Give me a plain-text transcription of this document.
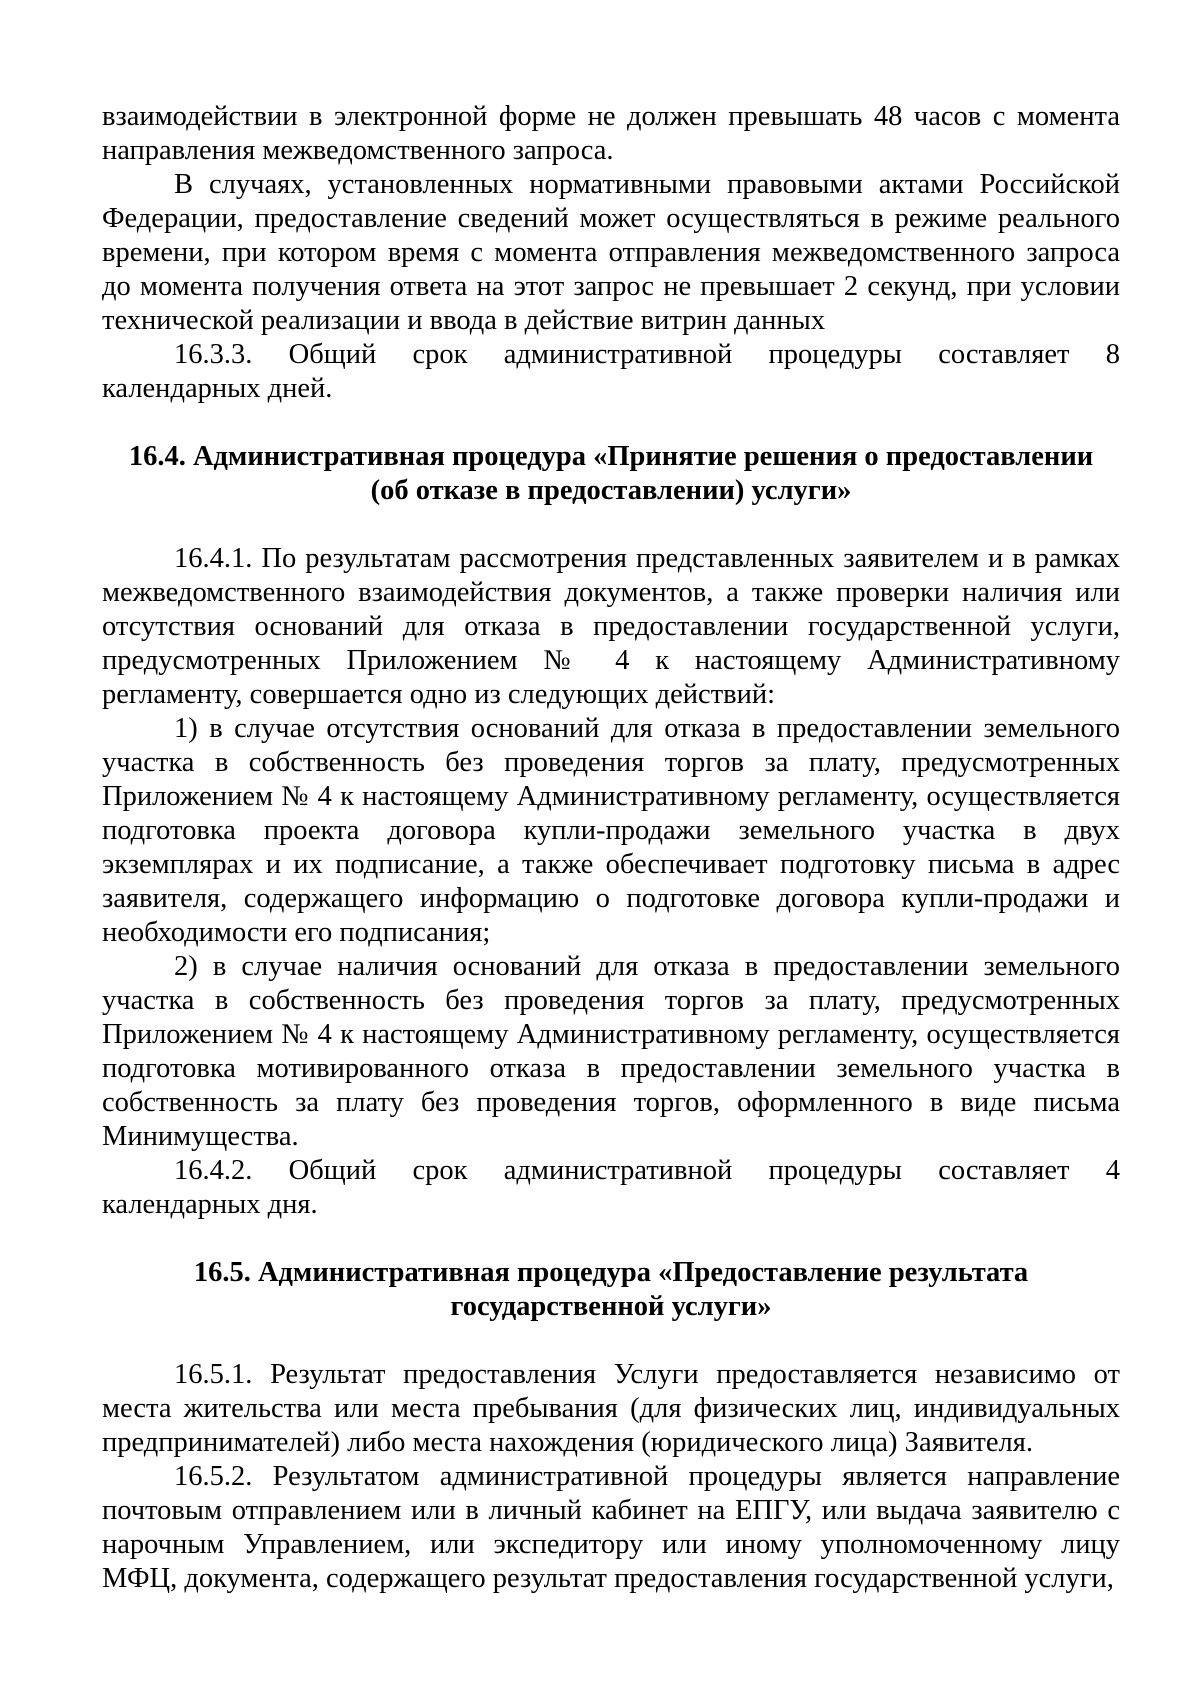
взаимодействии в электронной форме не должен превышать 48 часов с момента направления межведомственного запроса.

В случаях, установленных нормативными правовыми актами Российской Федерации, предоставление сведений может осуществляться в режиме реального времени, при котором время с момента отправления межведомственного запроса до момента получения ответа на этот запрос не превышает 2 секунд, при условии технической реализации и ввода в действие витрин данных

16.3.3. Общий срок административной процедуры составляет 8

календарных дней.

16.4. Административная процедура «Принятие решения о предоставлении
(об отказе в предоставлении) услуги»

16.4.1. По результатам рассмотрения представленных заявителем и в рамках межведомственного взаимодействия документов, а также проверки наличия или отсутствия оснований для отказа в предоставлении государственной услуги, предусмотренных Приложением № 4 к настоящему Административному регламенту, совершается одно из следующих действий:

1) в случае отсутствия оснований для отказа в предоставлении земельного участка в собственность без проведения торгов за плату, предусмотренных Приложением № 4 к настоящему Административному регламенту, осуществляется подготовка проекта договора купли-продажи земельного участка в двух экземплярах и их подписание, а также обеспечивает подготовку письма в адрес заявителя, содержащего информацию о подготовке договора купли-продажи и необходимости его подписания;

2) в случае наличия оснований для отказа в предоставлении земельного участка в собственность без проведения торгов за плату, предусмотренных Приложением № 4 к настоящему Административному регламенту, осуществляется подготовка мотивированного отказа в предоставлении земельного участка в собственность за плату без проведения торгов, оформленного в виде письма Минимущества.

16.4.2. Общий срок административной процедуры составляет 4

календарных дня.

16.5. Административная процедура «Предоставление результата
государственной услуги»

16.5.1. Результат предоставления Услуги предоставляется независимо от места жительства или места пребывания (для физических лиц, индивидуальных предпринимателей) либо места нахождения (юридического лица) Заявителя.

16.5.2. Результатом административной процедуры является направление почтовым отправлением или в личный кабинет на ЕПГУ, или выдача заявителю с нарочным Управлением, или экспедитору или иному уполномоченному лицу МФЦ, документа, содержащего результат предоставления государственной услуги,
